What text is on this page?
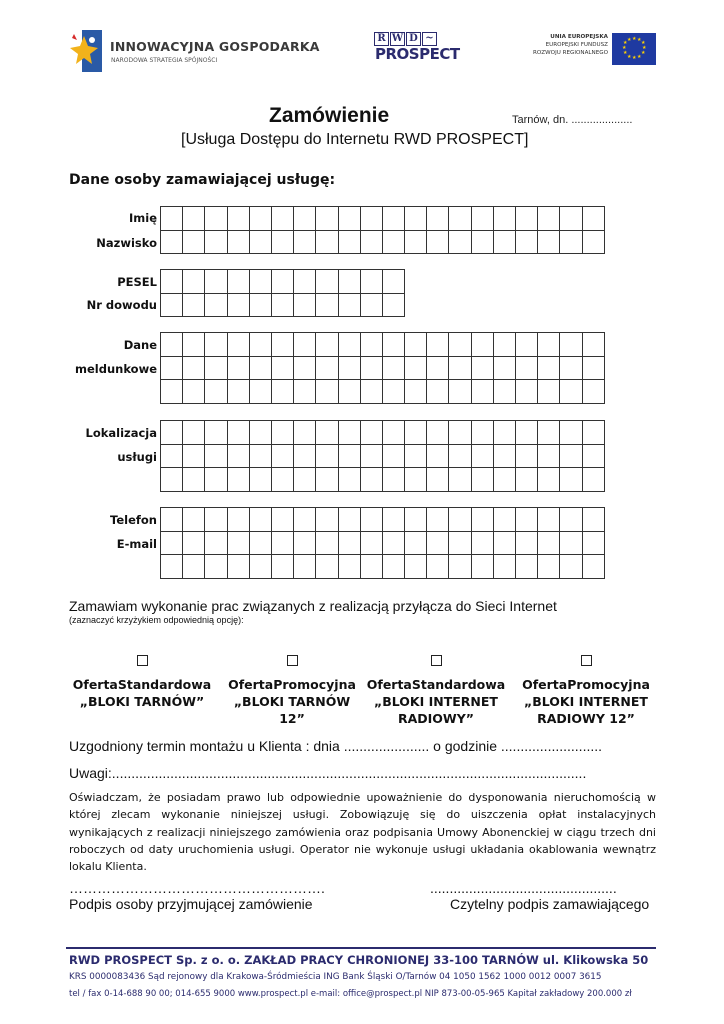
INNOWACYJNA GOSPODARKA
NARODOWA STRATEGIA SPÓJNOŚCI
R W D ~
PROSPECT
UNIA EUROPEJSKA
EUROPEJSKI FUNDUSZ
ROZWOJU REGIONALNEGO
★ ★ ★
★
★
★
★
★
★
★
★ ★
Zamówienie	Tarnów, dn. ....................
[Usługa Dostępu do Internetu RWD PROSPECT]
Dane osoby zamawiającej usługę:
Imię
Nazwisko

PESEL
Nr dowodu

Dane
meldunkowe

Lokalizacja
usługi

Telefon
E-mail

Zamawiam wykonanie prac związanych z realizacją przyłącza do Sieci Internet
(zaznaczyć krzyżykiem odpowiednią opcję):
OfertaStandardowa
„BLOKI TARNÓW”
OfertaPromocyjna
„BLOKI TARNÓW
12”
OfertaStandardowa
„BLOKI INTERNET
RADIOWY”
OfertaPromocyjna
„BLOKI INTERNET
RADIOWY 12”
Uzgodniony termin montażu u Klienta : dnia ...................... o godzinie ..........................
Uwagi:..........................................................................................................................
Oświadczam, że posiadam prawo lub odpowiednie upoważnienie do dysponowania nieruchomością w której zlecam wykonanie niniejszej usługi. Zobowiązuję się do uiszczenia opłat instalacyjnych wynikających z realizacji niniejszego zamówienia oraz podpisania Umowy Abonenckiej w ciągu trzech dni roboczych od daty uruchomienia usługi. Operator nie wykonuje usługi układania okablowania wewnątrz lokalu Klienta.
……………………………………………….
Podpis osoby przyjmującej zamówienie
................................................
Czytelny podpis zamawiającego
RWD PROSPECT Sp. z o. o. ZAKŁAD PRACY CHRONIONEJ 33-100 TARNÓW ul. Klikowska 50
KRS 0000083436 Sąd rejonowy dla Krakowa-Śródmieścia ING Bank Śląski O/Tarnów 04 1050 1562 1000 0012 0007 3615
tel / fax 0-14-688 90 00; 014-655 9000 www.prospect.pl e-mail: office@prospect.pl NIP 873-00-05-965 Kapitał zakładowy 200.000 zł
